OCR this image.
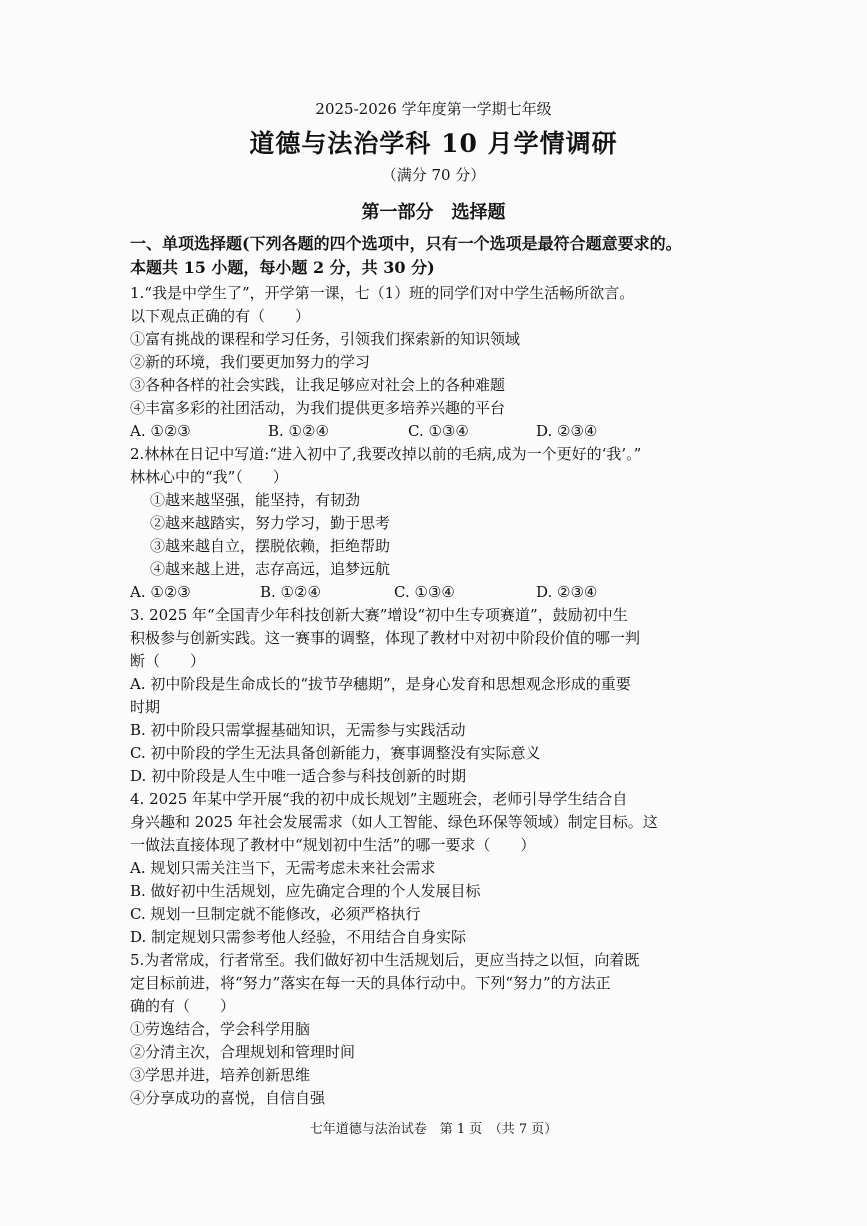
2025-2026 学年度第一学期七年级
道德与法治学科 10 月学情调研
（满分 70 分）
第一部分　选择题
一、单项选择题(下列各题的四个选项中，只有一个选项是最符合题意要求的。
本题共 15 小题，每小题 2 分，共 30 分)
1.“我是中学生了”，开学第一课，七（1）班的同学们对中学生活畅所欲言。
以下观点正确的有（　　）
①富有挑战的课程和学习任务，引领我们探索新的知识领域
②新的环境，我们要更加努力的学习
③各种各样的社会实践，让我足够应对社会上的各种难题
④丰富多彩的社团活动，为我们提供更多培养兴趣的平台
A. ①②③	B. ①②④	C. ①③④	D. ②③④
2.林林在日记中写道:“进入初中了,我要改掉以前的毛病,成为一个更好的‘我’。”
林林心中的“我”（　　）
①越来越坚强，能坚持，有韧劲
②越来越踏实，努力学习，勤于思考
③越来越自立，摆脱依赖，拒绝帮助
④越来越上进，志存高远，追梦远航
A. ①②③	B. ①②④	C. ①③④	D. ②③④
3. 2025 年“全国青少年科技创新大赛”增设“初中生专项赛道”，鼓励初中生
积极参与创新实践。这一赛事的调整，体现了教材中对初中阶段价值的哪一判
断（　　）
A. 初中阶段是生命成长的“拔节孕穗期”，是身心发育和思想观念形成的重要
时期
B. 初中阶段只需掌握基础知识，无需参与实践活动
C. 初中阶段的学生无法具备创新能力，赛事调整没有实际意义
D. 初中阶段是人生中唯一适合参与科技创新的时期
4. 2025 年某中学开展“我的初中成长规划”主题班会，老师引导学生结合自
身兴趣和 2025 年社会发展需求（如人工智能、绿色环保等领域）制定目标。这
一做法直接体现了教材中“规划初中生活”的哪一要求（　　）
A. 规划只需关注当下，无需考虑未来社会需求
B. 做好初中生活规划，应先确定合理的个人发展目标
C. 规划一旦制定就不能修改，必须严格执行
D. 制定规划只需参考他人经验，不用结合自身实际
5.为者常成，行者常至。我们做好初中生活规划后，更应当持之以恒，向着既
定目标前进，将“努力”落实在每一天的具体行动中。下列“努力”的方法正
确的有（　　）
①劳逸结合，学会科学用脑
②分清主次，合理规划和管理时间
③学思并进，培养创新思维
④分享成功的喜悦，自信自强
七年道德与法治试卷　第 1 页　（共 7 页）
